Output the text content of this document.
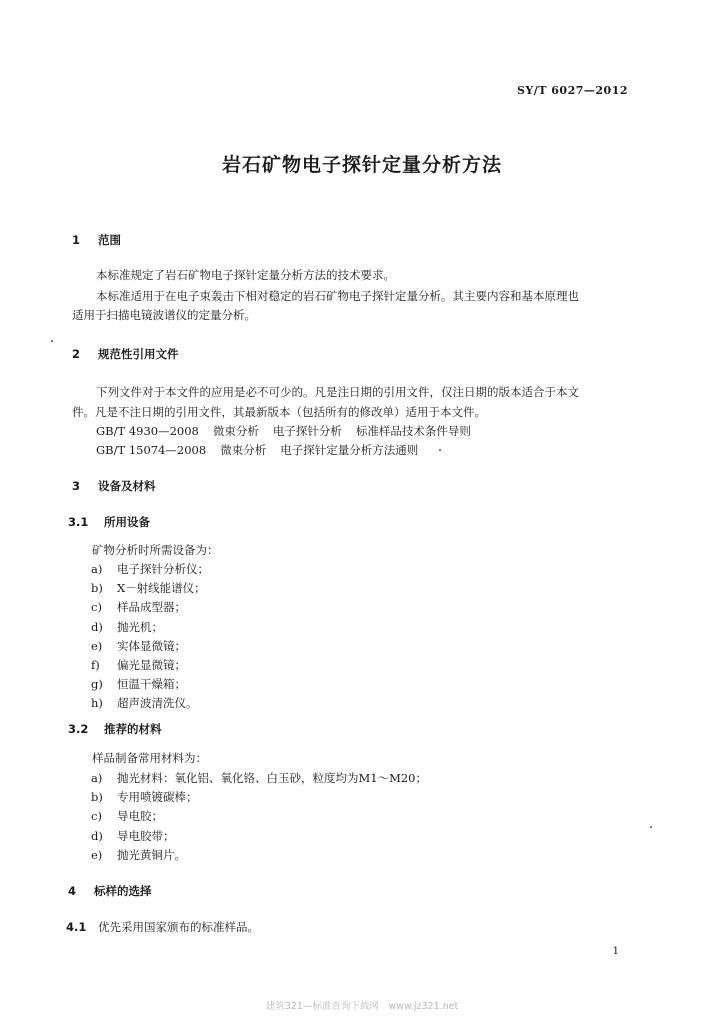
SY/T 6027—2012
岩石矿物电子探针定量分析方法
1 范围
本标准规定了岩石矿物电子探针定量分析方法的技术要求。
本标准适用于在电子束轰击下相对稳定的岩石矿物电子探针定量分析。其主要内容和基本原理也
适用于扫描电镜波谱仪的定量分析。
2 规范性引用文件
下列文件对于本文件的应用是必不可少的。凡是注日期的引用文件，仅注日期的版本适合于本文
件。凡是不注日期的引用文件，其最新版本（包括所有的修改单）适用于本文件。
GB/T 4930—2008 微束分析 电子探针分析 标准样品技术条件导则
GB/T 15074—2008 微束分析 电子探针定量分析方法通则
3 设备及材料
3.1 所用设备
矿物分析时所需设备为：
a) 电子探针分析仪；
b) X－射线能谱仪；
c) 样品成型器；
d) 抛光机；
e) 实体显微镜；
f) 偏光显微镜；
g) 恒温干燥箱；
h) 超声波清洗仪。
3.2 推荐的材料
样品制备常用材料为：
a) 抛光材料：氧化铝、氧化铬、白玉砂，粒度均为M1～M20；
b) 专用喷镀碳棒；
c) 导电胶；
d) 导电胶带；
e) 抛光黄铜片。
4 标样的选择
4.1 优先采用国家颁布的标准样品。
1
建筑321—标准查询下载网　www.jz321.net
